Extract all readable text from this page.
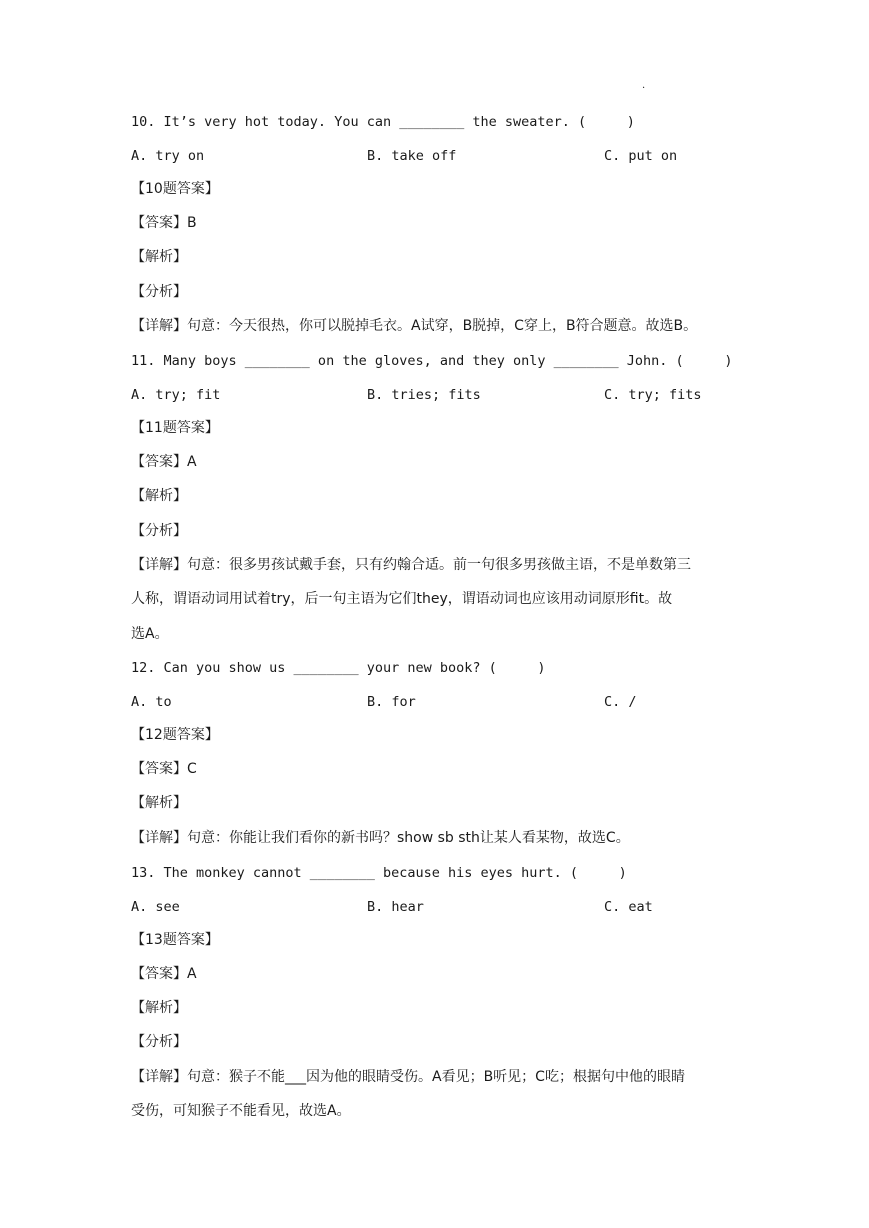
.
10. It’s very hot today. You can ________ the sweater. (     )
A. try on	B. take off	C. put on
【10题答案】
【答案】B
【解析】
【分析】
【详解】句意：今天很热，你可以脱掉毛衣。A试穿，B脱掉，C穿上，B符合题意。故选B。
11. Many boys ________ on the gloves, and they only ________ John. (     )
A. try; fit	B. tries; fits	C. try; fits
【11题答案】
【答案】A
【解析】
【分析】
【详解】句意：很多男孩试戴手套，只有约翰合适。前一句很多男孩做主语，不是单数第三
人称，谓语动词用试着try，后一句主语为它们they，谓语动词也应该用动词原形fit。故
选A。
12. Can you show us ________ your new book? (     )
A. to	B. for	C. /
【12题答案】
【答案】C
【解析】
【详解】句意：你能让我们看你的新书吗？show sb sth让某人看某物，故选C。
13. The monkey cannot ________ because his eyes hurt. (     )
A. see	B. hear	C. eat
【13题答案】
【答案】A
【解析】
【分析】
【详解】句意：猴子不能___因为他的眼睛受伤。A看见；B听见；C吃；根据句中他的眼睛
受伤，可知猴子不能看见，故选A。
